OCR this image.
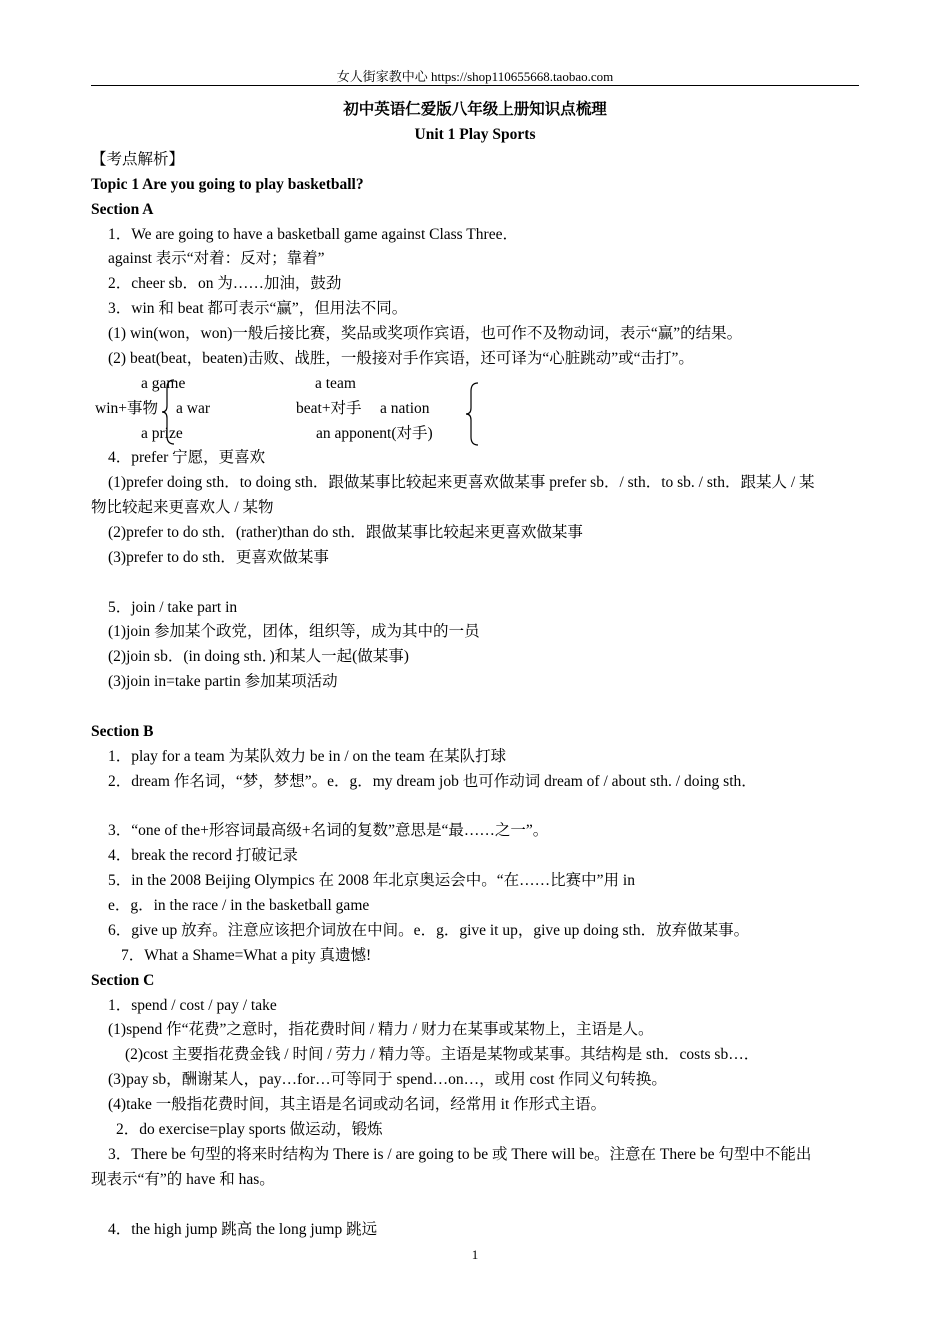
女人街家教中心 https://shop110655668.taobao.com
初中英语仁爱版八年级上册知识点梳理
Unit 1 Play Sports
【考点解析】
Topic 1 Are you going to play basketball?
Section A
1．We are going to have a basketball game against Class Three．
against 表示“对着：反对；靠着”
2．cheer sb．on 为……加油，鼓劲
3．win 和 beat 都可表示“赢”，但用法不同。
(1) win(won，won)一般后接比赛，奖品或奖项作宾语，也可作不及物动词，表示“赢”的结果。
(2) beat(beat，beaten)击败、战胜，一般接对手作宾语，还可译为“心脏跳动”或“击打”。
a game
win+事物 a war
a prize
a team
beat+对手 a nation
an apponent(对手)
4．prefer 宁愿，更喜欢
(1)prefer doing sth．to doing sth．跟做某事比较起来更喜欢做某事 prefer sb．/ sth．to sb. / sth．跟某人 / 某
物比较起来更喜欢人 / 某物
(2)prefer to do sth．(rather)than do sth．跟做某事比较起来更喜欢做某事
(3)prefer to do sth．更喜欢做某事
5．join / take part in
(1)join 参加某个政党，团体，组织等，成为其中的一员
(2)join sb．(in doing sth．)和某人一起(做某事)
(3)join in=take partin 参加某项活动
Section B
1．play for a team 为某队效力 be in / on the team 在某队打球
2．dream 作名词，“梦，梦想”。e．g．my dream job 也可作动词 dream of / about sth. / doing sth．
3．“one of the+形容词最高级+名词的复数”意思是“最……之一”。
4．break the record 打破记录
5．in the 2008 Beijing Olympics 在 2008 年北京奥运会中。“在……比赛中”用 in
e．g．in the race / in the basketball game
6．give up 放弃。注意应该把介词放在中间。e．g．give it up，give up doing sth．放弃做某事。
7．What a Shame=What a pity 真遗憾!
Section C
1．spend / cost / pay / take
(1)spend 作“花费”之意时，指花费时间 / 精力 / 财力在某事或某物上，主语是人。
(2)cost 主要指花费金钱 / 时间 / 劳力 / 精力等。主语是某物或某事。其结构是 sth．costs sb…．
(3)pay sb，酬谢某人，pay…for…可等同于 spend…on…，或用 cost 作同义句转换。
(4)take 一般指花费时间，其主语是名词或动名词，经常用 it 作形式主语。
2．do exercise=play sports 做运动，锻炼
3．There be 句型的将来时结构为 There is / are going to be 或 There will be。注意在 There be 句型中不能出
现表示“有”的 have 和 has。
4．the high jump 跳高 the long jump 跳远
1
